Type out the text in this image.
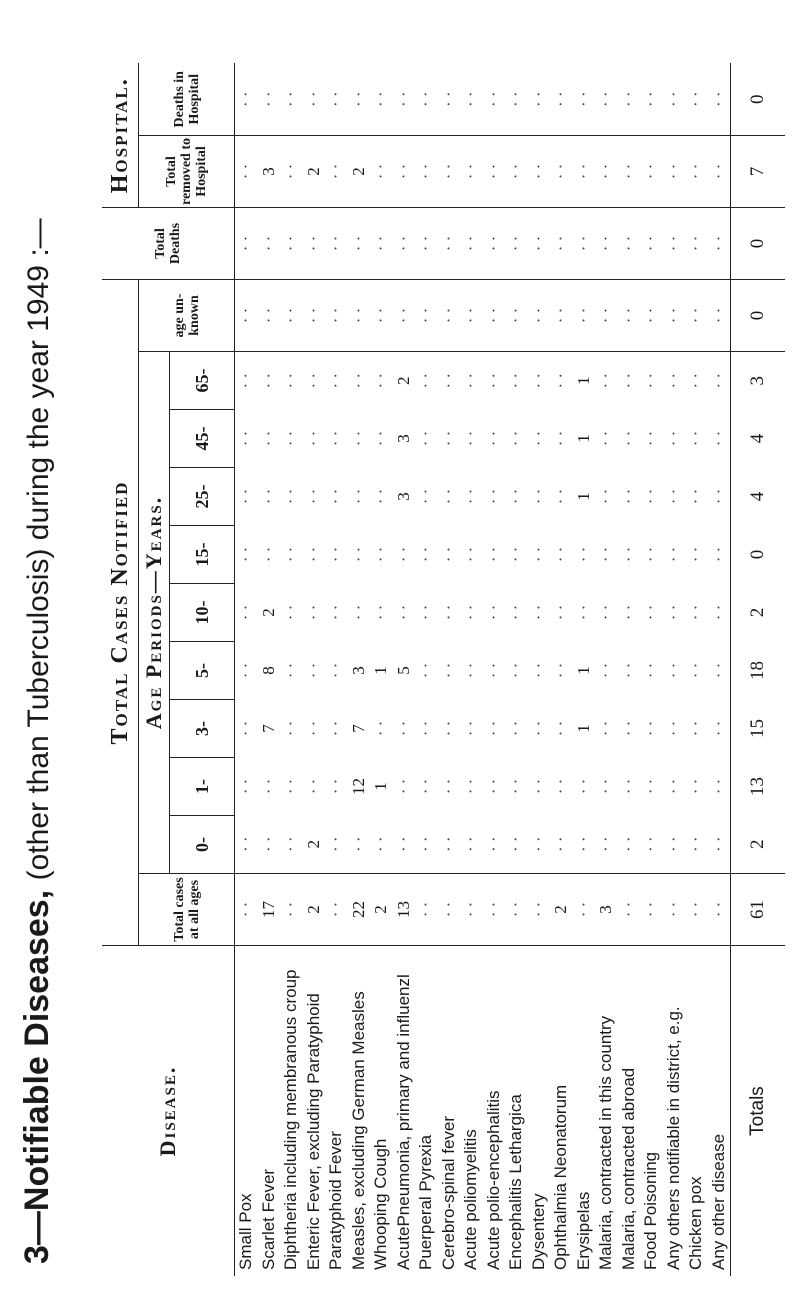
3—Notifiable Diseases, (other than Tuberculosis) during the year 1949 :—
Disease.	Total Cases Notified											Total Deaths	Hospital.	
	Total cases at all ages	Age Periods—Years.									age un-known		Total removed to Hospital	Deaths in Hospital
		0-	1-	3-	5-	10-	15-	25-	45-	65-				
Small Pox	· ·	· ·	· ·	· ·	· ·	· ·	· ·	· ·	· ·	· ·	· ·	· ·	· ·	· ·
Scarlet Fever	17	· ·	· ·	7	8	2	· ·	· ·	· ·	· ·	· ·	· ·	3	· ·
Diphtheria including membranous croup	· ·	· ·	· ·	· ·	· ·	· ·	· ·	· ·	· ·	· ·	· ·	· ·	· ·	· ·
Enteric Fever, excluding Paratyphoid	2	2	· ·	· ·	· ·	· ·	· ·	· ·	· ·	· ·	· ·	· ·	2	· ·
Paratyphoid Fever	· ·	· ·	· ·	· ·	· ·	· ·	· ·	· ·	· ·	· ·	· ·	· ·	· ·	· ·
Measles, excluding German Measles	22	· ·	12	7	3	· ·	· ·	· ·	· ·	· ·	· ·	· ·	2	· ·
Whooping Cough	2	· ·	1	· ·	1	· ·	· ·	· ·	· ·	· ·	· ·	· ·	· ·	· ·
AcutePneumonia, primary and influenzl	13	· ·	· ·	· ·	5	· ·	· ·	3	3	2	· ·	· ·	· ·	· ·
Puerperal Pyrexia	· ·	· ·	· ·	· ·	· ·	· ·	· ·	· ·	· ·	· ·	· ·	· ·	· ·	· ·
Cerebro-spinal fever	· ·	· ·	· ·	· ·	· ·	· ·	· ·	· ·	· ·	· ·	· ·	· ·	· ·	· ·
Acute poliomyelitis	· ·	· ·	· ·	· ·	· ·	· ·	· ·	· ·	· ·	· ·	· ·	· ·	· ·	· ·
Acute polio-encephalitis	· ·	· ·	· ·	· ·	· ·	· ·	· ·	· ·	· ·	· ·	· ·	· ·	· ·	· ·
Encephalitis Lethargica	· ·	· ·	· ·	· ·	· ·	· ·	· ·	· ·	· ·	· ·	· ·	· ·	· ·	· ·
Dysentery	· ·	· ·	· ·	· ·	· ·	· ·	· ·	· ·	· ·	· ·	· ·	· ·	· ·	· ·
Ophthalmia Neonatorum	2	· ·	· ·	· ·	· ·	· ·	· ·	· ·	· ·	· ·	· ·	· ·	· ·	· ·
Erysipelas	· ·	· ·	· ·	1	1	· ·	· ·	1	1	1	· ·	· ·	· ·	· ·
Malaria, contracted in this country	3	· ·	· ·	· ·	· ·	· ·	· ·	· ·	· ·	· ·	· ·	· ·	· ·	· ·
Malaria, contracted abroad	· ·	· ·	· ·	· ·	· ·	· ·	· ·	· ·	· ·	· ·	· ·	· ·	· ·	· ·
Food Poisoning	· ·	· ·	· ·	· ·	· ·	· ·	· ·	· ·	· ·	· ·	· ·	· ·	· ·	· ·
Any others notifiable in district, e.g.	· ·	· ·	· ·	· ·	· ·	· ·	· ·	· ·	· ·	· ·	· ·	· ·	· ·	· ·
Chicken pox	· ·	· ·	· ·	· ·	· ·	· ·	· ·	· ·	· ·	· ·	· ·	· ·	· ·	· ·
Any other disease	· ·	· ·	· ·	· ·	· ·	· ·	· ·	· ·	· ·	· ·	· ·	· ·	· ·	· ·
Totals	61	2	13	15	18	2	0	4	4	3	0	0	7	0
